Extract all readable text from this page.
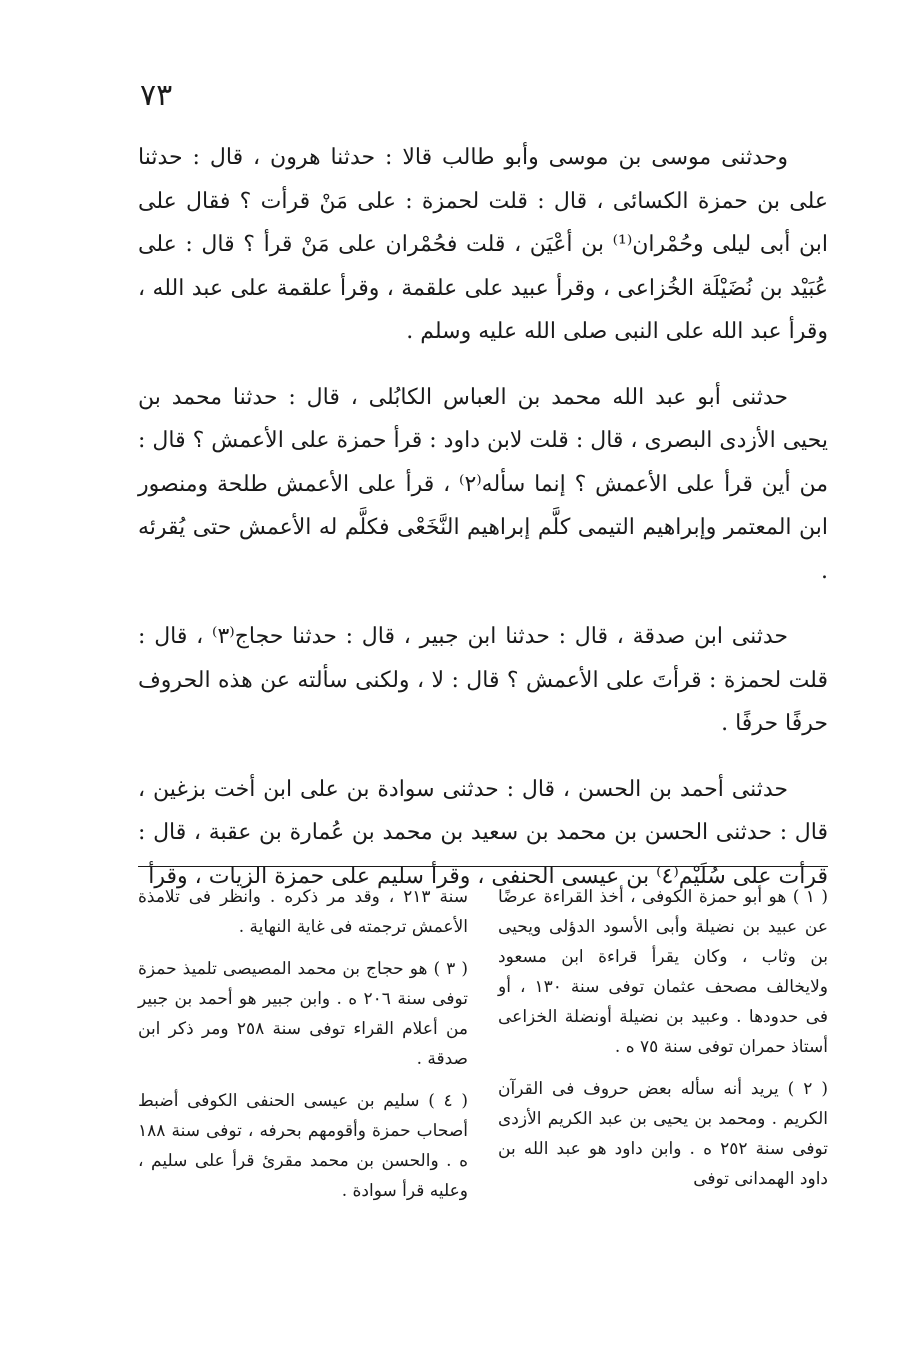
٧٣

وحدثنى موسى بن موسى وأبو طالب قالا : حدثنا هرون ، قال : حدثنا على بن حمزة الكسائى ، قال : قلت لحمزة : على مَنْ قرأت ؟ فقال على ابن أبى ليلى وحُمْران⁽¹⁾ بن أعْيَن ، قلت فحُمْران على مَنْ قرأ ؟ قال : على عُبَيْد بن نُضَيْلَة الخُزاعى ، وقرأ عبيد على علقمة ، وقرأ علقمة على عبد الله ، وقرأ عبد الله على النبى صلى الله عليه وسلم .

حدثنى أبو عبد الله محمد بن العباس الكابُلى ، قال : حدثنا محمد بن يحيى الأزدى البصرى ، قال : قلت لابن داود : قرأ حمزة على الأعمش ؟ قال : من أين قرأ على الأعمش ؟ إنما سأله⁽٢⁾ ، قرأ على الأعمش طلحة ومنصور ابن المعتمر وإبراهيم التيمى كلَّم إبراهيم النَّخَعْى فكلَّم له الأعمش حتى يُقرئه .

حدثنى ابن صدقة ، قال : حدثنا ابن جبير ، قال : حدثنا حجاج⁽٣⁾ ، قال : قلت لحمزة : قرأتَ على الأعمش ؟ قال : لا ، ولكنى سألته عن هذه الحروف حرفًا حرفًا .

حدثنى أحمد بن الحسن ، قال : حدثنى سوادة بن على ابن أخت بزغين ، قال : حدثنى الحسن بن محمد بن سعيد بن محمد بن عُمارة بن عقبة ، قال : قرأت على سُلَيْم⁽٤⁾ بن عيسى الحنفى ، وقرأ سليم على حمزة الزيات ، وقرأ

( ١ ) هو أبو حمزة الكوفى ، أخذ القراءة عرضًا عن عبيد بن نضيلة وأبى الأسود الدؤلى ويحيى بن وثاب ، وكان يقرأ قراءة ابن مسعود ولايخالف مصحف عثمان توفى سنة ١٣٠ ، أو فى حدودها . وعبيد بن نضيلة أونضلة الخزاعى أستاذ حمران توفى سنة ٧٥ ه .

( ٢ ) يريد أنه سأله بعض حروف فى القرآن الكريم . ومحمد بن يحيى بن عبد الكريم الأزدى توفى سنة ٢٥٢ ه . وابن داود هو عبد الله بن داود الهمدانى توفى

سنة ٢١٣ ، وقد مر ذكره . وانظر فى تلامذة الأعمش ترجمته فى غاية النهاية .

( ٣ ) هو حجاج بن محمد المصيصى تلميذ حمزة توفى سنة ٢٠٦ ه . وابن جبير هو أحمد بن جبير من أعلام القراء توفى سنة ٢٥٨ ومر ذكر ابن صدقة .

( ٤ ) سليم بن عيسى الحنفى الكوفى أضبط أصحاب حمزة وأقومهم بحرفه ، توفى سنة ١٨٨ ه . والحسن بن محمد مقرئ قرأ على سليم ، وعليه قرأ سوادة .
